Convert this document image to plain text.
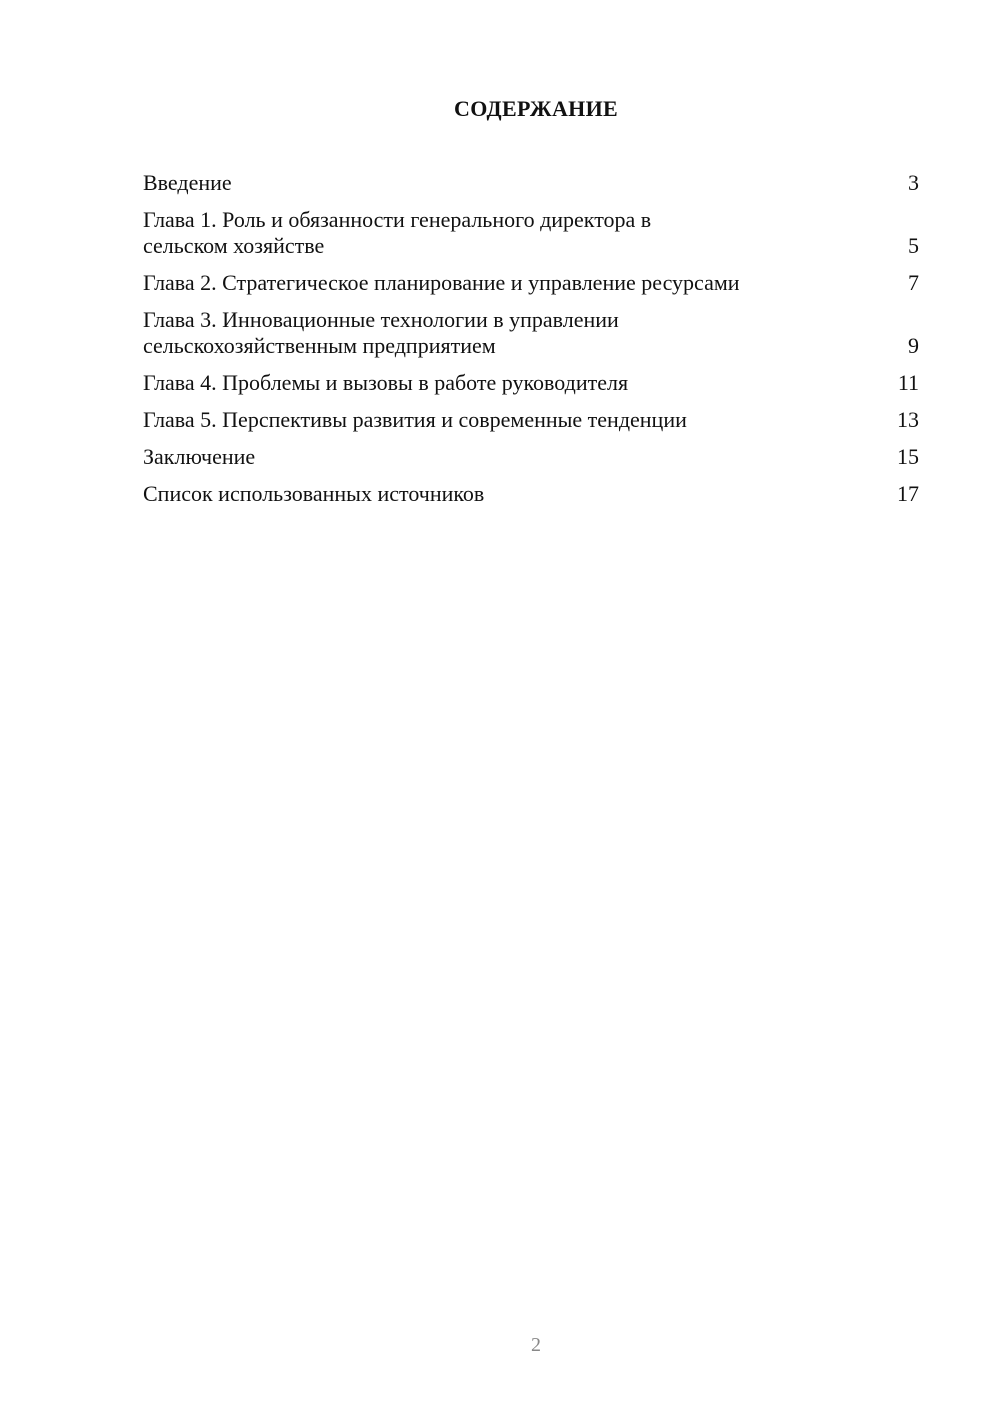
СОДЕРЖАНИЕ
Введение	3
Глава 1. Роль и обязанности генерального директора в
сельском хозяйстве	5
Глава 2. Стратегическое планирование и управление ресурсами	7
Глава 3. Инновационные технологии в управлении
сельскохозяйственным предприятием	9
Глава 4. Проблемы и вызовы в работе руководителя	11
Глава 5. Перспективы развития и современные тенденции	13
Заключение	15
Список использованных источников	17

2
